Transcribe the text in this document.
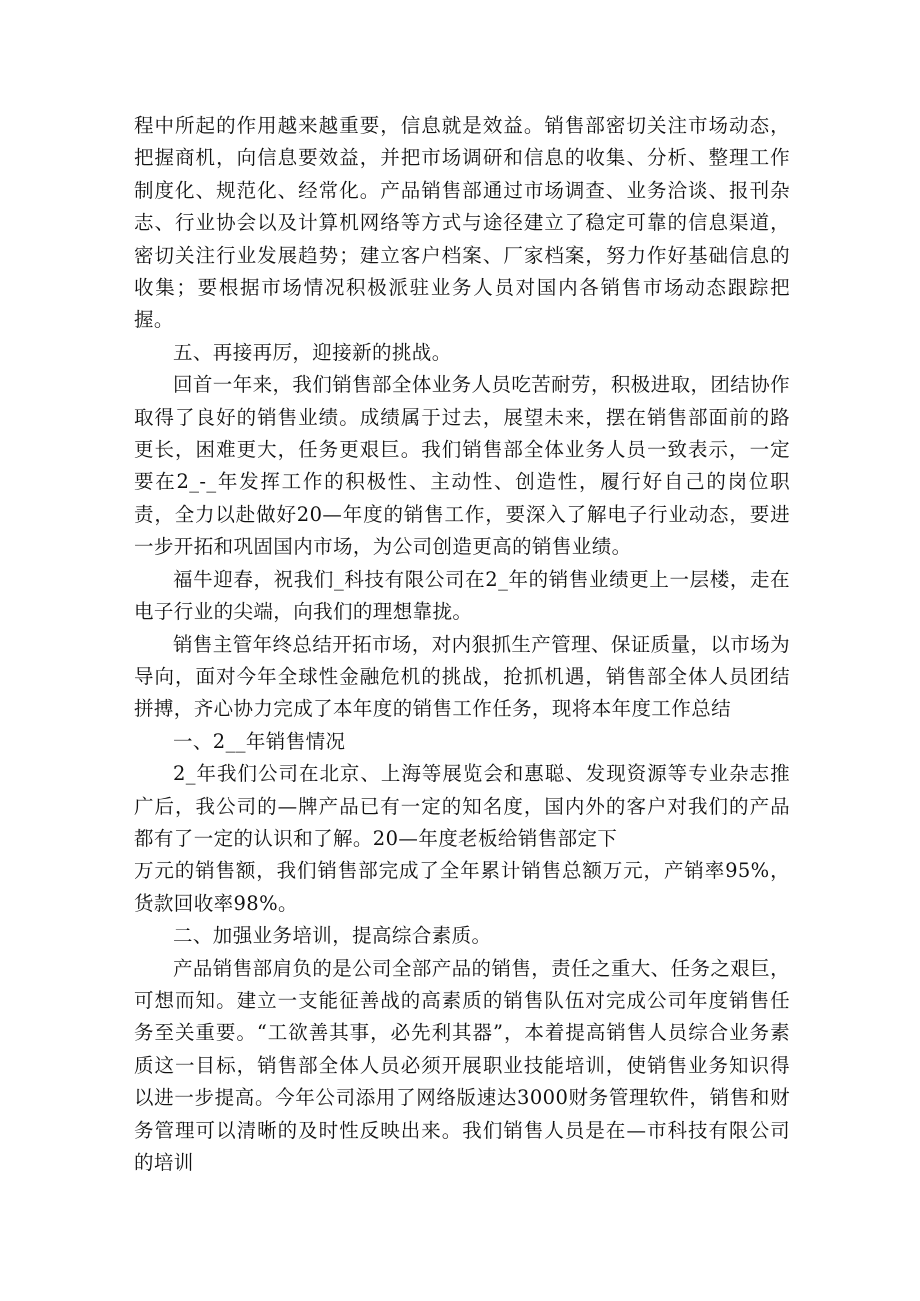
程中所起的作用越来越重要，信息就是效益。销售部密切关注市场动态，把握商机，向信息要效益，并把市场调研和信息的收集、分析、整理工作制度化、规范化、经常化。产品销售部通过市场调查、业务洽谈、报刊杂志、行业协会以及计算机网络等方式与途径建立了稳定可靠的信息渠道，密切关注行业发展趋势；建立客户档案、厂家档案，努力作好基础信息的收集；要根据市场情况积极派驻业务人员对国内各销售市场动态跟踪把握。

五、再接再厉，迎接新的挑战。

回首一年来，我们销售部全体业务人员吃苦耐劳，积极进取，团结协作取得了良好的销售业绩。成绩属于过去，展望未来，摆在销售部面前的路更长，困难更大，任务更艰巨。我们销售部全体业务人员一致表示，一定要在2_-_年发挥工作的积极性、主动性、创造性，履行好自己的岗位职责，全力以赴做好20—年度的销售工作，要深入了解电子行业动态，要进一步开拓和巩固国内市场，为公司创造更高的销售业绩。

福牛迎春，祝我们_科技有限公司在2_年的销售业绩更上一层楼，走在电子行业的尖端，向我们的理想靠拢。

销售主管年终总结开拓市场，对内狠抓生产管理、保证质量，以市场为导向，面对今年全球性金融危机的挑战，抢抓机遇，销售部全体人员团结拼搏，齐心协力完成了本年度的销售工作任务，现将本年度工作总结

一、2__年销售情况

2_年我们公司在北京、上海等展览会和惠聪、发现资源等专业杂志推广后，我公司的—牌产品已有一定的知名度，国内外的客户对我们的产品都有了一定的认识和了解。20—年度老板给销售部定下

万元的销售额，我们销售部完成了全年累计销售总额万元，产销率95%，货款回收率98%。

二、加强业务培训，提高综合素质。

产品销售部肩负的是公司全部产品的销售，责任之重大、任务之艰巨，可想而知。建立一支能征善战的高素质的销售队伍对完成公司年度销售任务至关重要。“工欲善其事，必先利其器”，本着提高销售人员综合业务素质这一目标，销售部全体人员必须开展职业技能培训，使销售业务知识得以进一步提高。今年公司添用了网络版速达3000财务管理软件，销售和财务管理可以清晰的及时性反映出来。我们销售人员是在—市科技有限公司的培训
